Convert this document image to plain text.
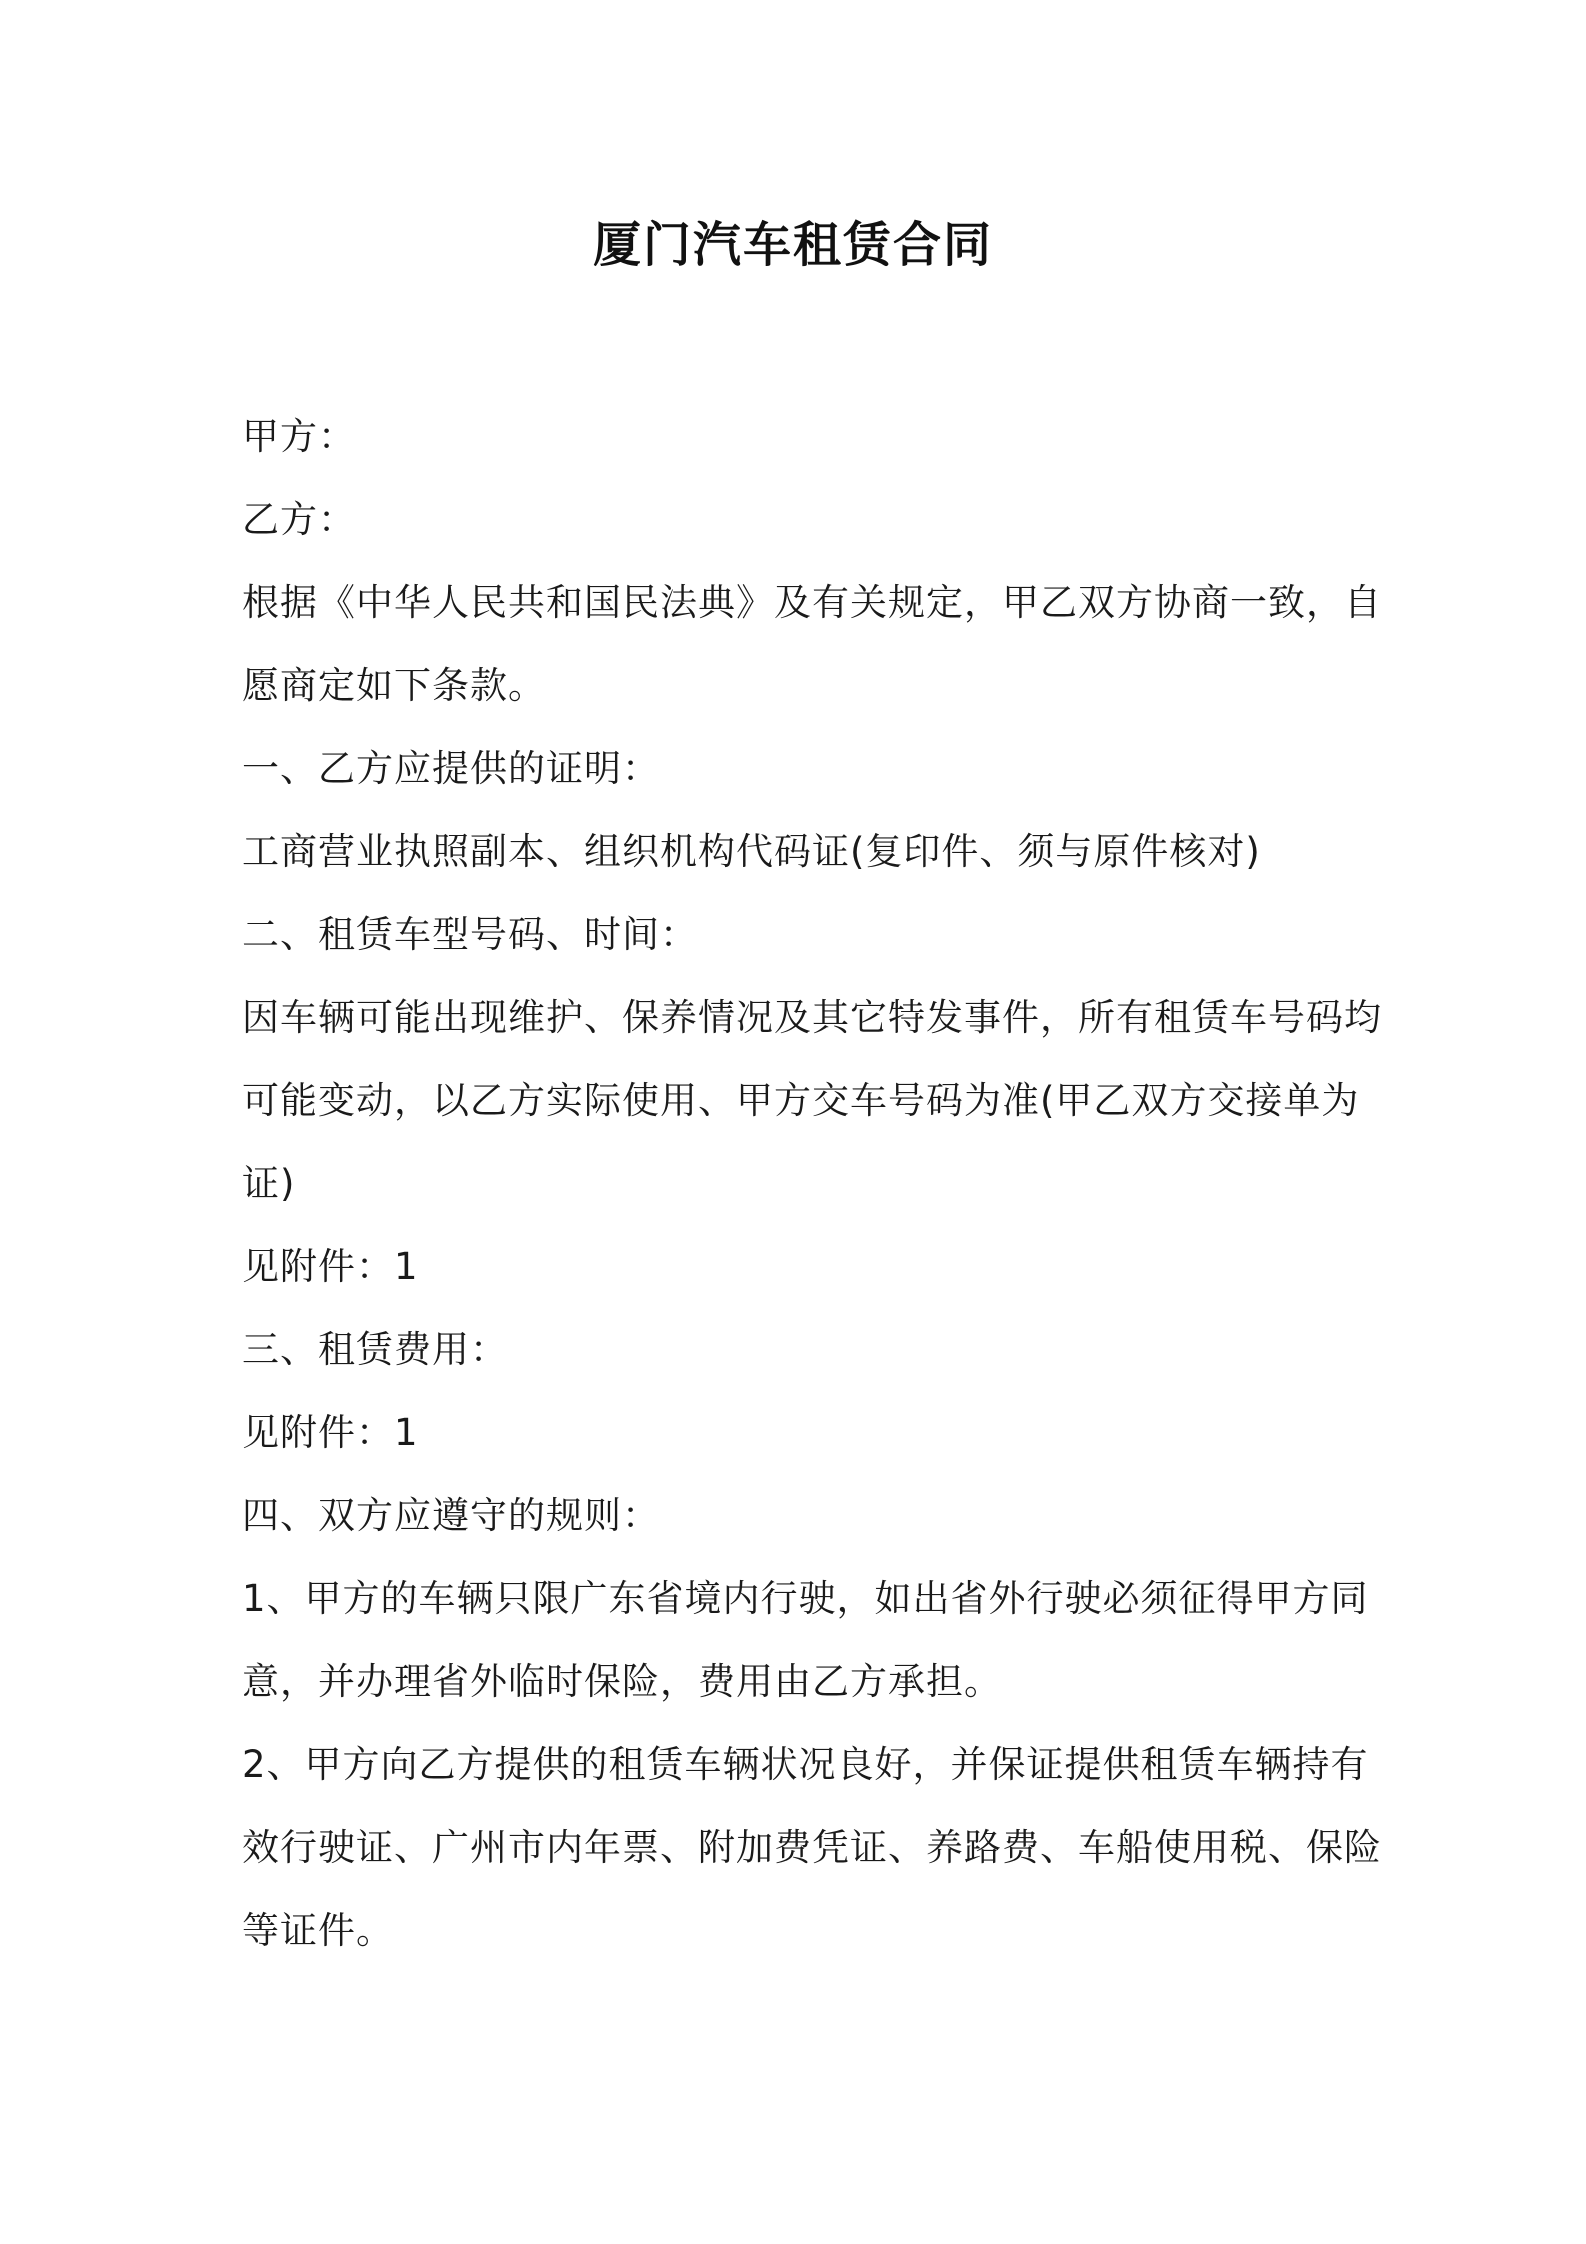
厦门汽车租赁合同
甲方：
乙方：
根据《中华人民共和国民法典》及有关规定，甲乙双方协商一致，自
愿商定如下条款。
一、乙方应提供的证明：
工商营业执照副本、组织机构代码证(复印件、须与原件核对)
二、租赁车型号码、时间：
因车辆可能出现维护、保养情况及其它特发事件，所有租赁车号码均
可能变动，以乙方实际使用、甲方交车号码为准(甲乙双方交接单为
证)
见附件：1
三、租赁费用：
见附件：1
四、双方应遵守的规则：
1、甲方的车辆只限广东省境内行驶，如出省外行驶必须征得甲方同
意，并办理省外临时保险，费用由乙方承担。
2、甲方向乙方提供的租赁车辆状况良好，并保证提供租赁车辆持有
效行驶证、广州市内年票、附加费凭证、养路费、车船使用税、保险
等证件。
